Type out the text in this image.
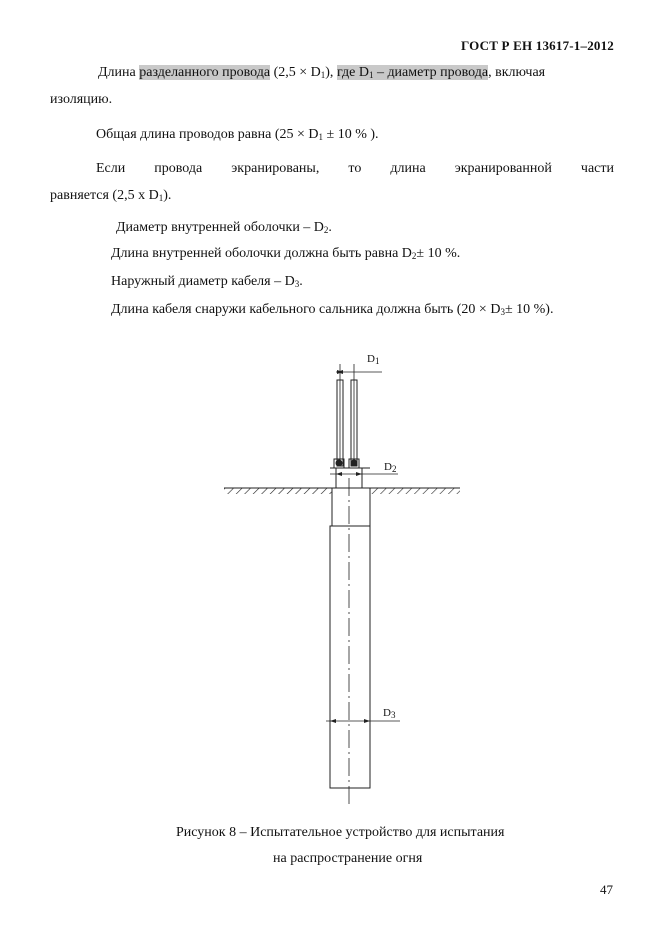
ГОСТ Р ЕН 13617-1–2012
Длина разделанного провода $(2,5 \times D_1)$, где $D_1$ – диаметр провода, включая
изоляцию.
Общая длина проводов равна ($25 \times D_1 \pm 10$ % ).
Если провода экранированы, то длина экранированной части
равняется (2,5 х $D_1$).
Диаметр внутренней оболочки – $D_2$.
Длина внутренней оболочки должна быть равна $D_2\pm 10$ %.
Наружный диаметр кабеля – $D_3$.
Длина кабеля снаружи кабельного сальника должна быть ($20 \times D_3\pm 10$ %).
$D_1$
$D_2$
$D_3$
Рисунок 8 – Испытательное устройство для испытания
на распространение огня
47
